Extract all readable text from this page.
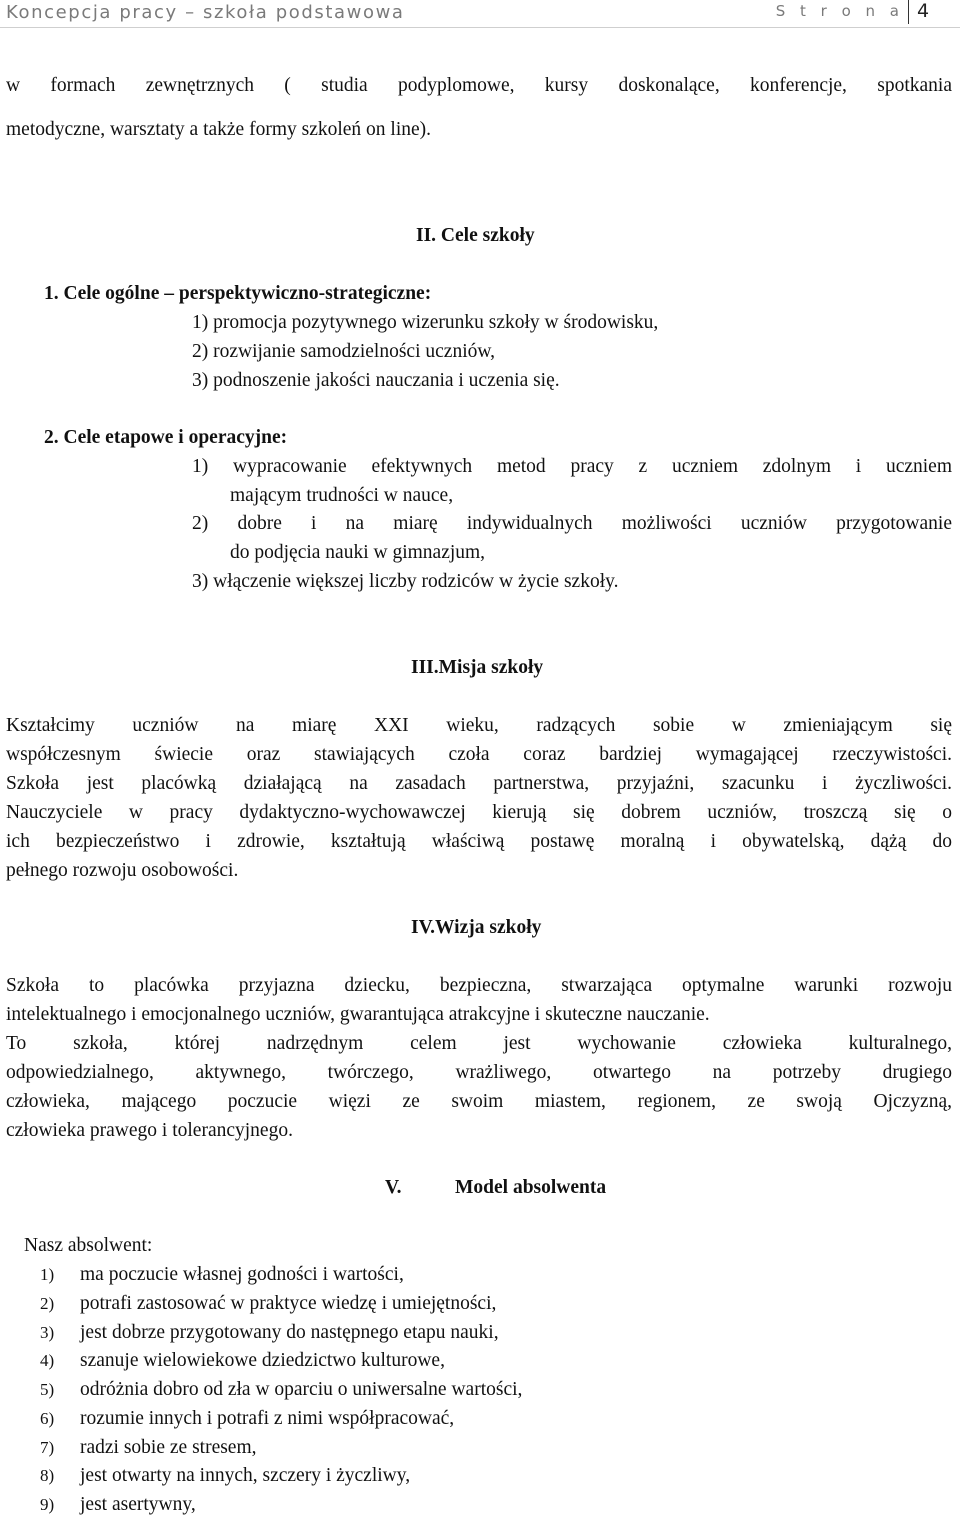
Koncepcja pracy – szkoła podstawowa	S t r o n a 4
w formach zewnętrznych ( studia podyplomowe, kursy doskonalące, konferencje, spotkania
metodyczne, warsztaty a także formy szkoleń on line).
II. Cele szkoły
1. Cele ogólne – perspektywiczno-strategiczne:
1) promocja pozytywnego wizerunku szkoły w środowisku,
2) rozwijanie samodzielności uczniów,
3) podnoszenie jakości nauczania i uczenia się.
2. Cele etapowe i operacyjne:
1) wypracowanie efektywnych metod pracy z uczniem zdolnym i uczniem
mającym trudności w nauce,
2) dobre i na miarę indywidualnych możliwości uczniów przygotowanie
do podjęcia nauki w gimnazjum,
3) włączenie większej liczby rodziców w życie szkoły.
III.Misja szkoły
Kształcimy uczniów na miarę XXI wieku, radzących sobie w zmieniającym się
współczesnym świecie oraz stawiających czoła coraz bardziej wymagającej rzeczywistości.
Szkoła jest placówką działającą na zasadach partnerstwa, przyjaźni, szacunku i życzliwości.
Nauczyciele w pracy dydaktyczno-wychowawczej kierują się dobrem uczniów, troszczą się o
ich bezpieczeństwo i zdrowie, kształtują właściwą postawę moralną i obywatelską, dążą do
pełnego rozwoju osobowości.
IV.Wizja szkoły
Szkoła to placówka przyjazna dziecku, bezpieczna, stwarzająca optymalne warunki rozwoju
intelektualnego i emocjonalnego uczniów, gwarantująca atrakcyjne i skuteczne nauczanie.
To szkoła, której nadrzędnym celem jest wychowanie człowieka kulturalnego,
odpowiedzialnego, aktywnego, twórczego, wrażliwego, otwartego na potrzeby drugiego
człowieka, mającego poczucie więzi ze swoim miastem, regionem, ze swoją Ojczyzną,
człowieka prawego i tolerancyjnego.
V.	Model absolwenta
Nasz absolwent:
1) ma poczucie własnej godności i wartości,
2) potrafi zastosować w praktyce wiedzę i umiejętności,
3) jest dobrze przygotowany do następnego etapu nauki,
4) szanuje wielowiekowe dziedzictwo kulturowe,
5) odróżnia dobro od zła w oparciu o uniwersalne wartości,
6) rozumie innych i potrafi z nimi współpracować,
7) radzi sobie ze stresem,
8) jest otwarty na innych, szczery i życzliwy,
9) jest asertywny,
